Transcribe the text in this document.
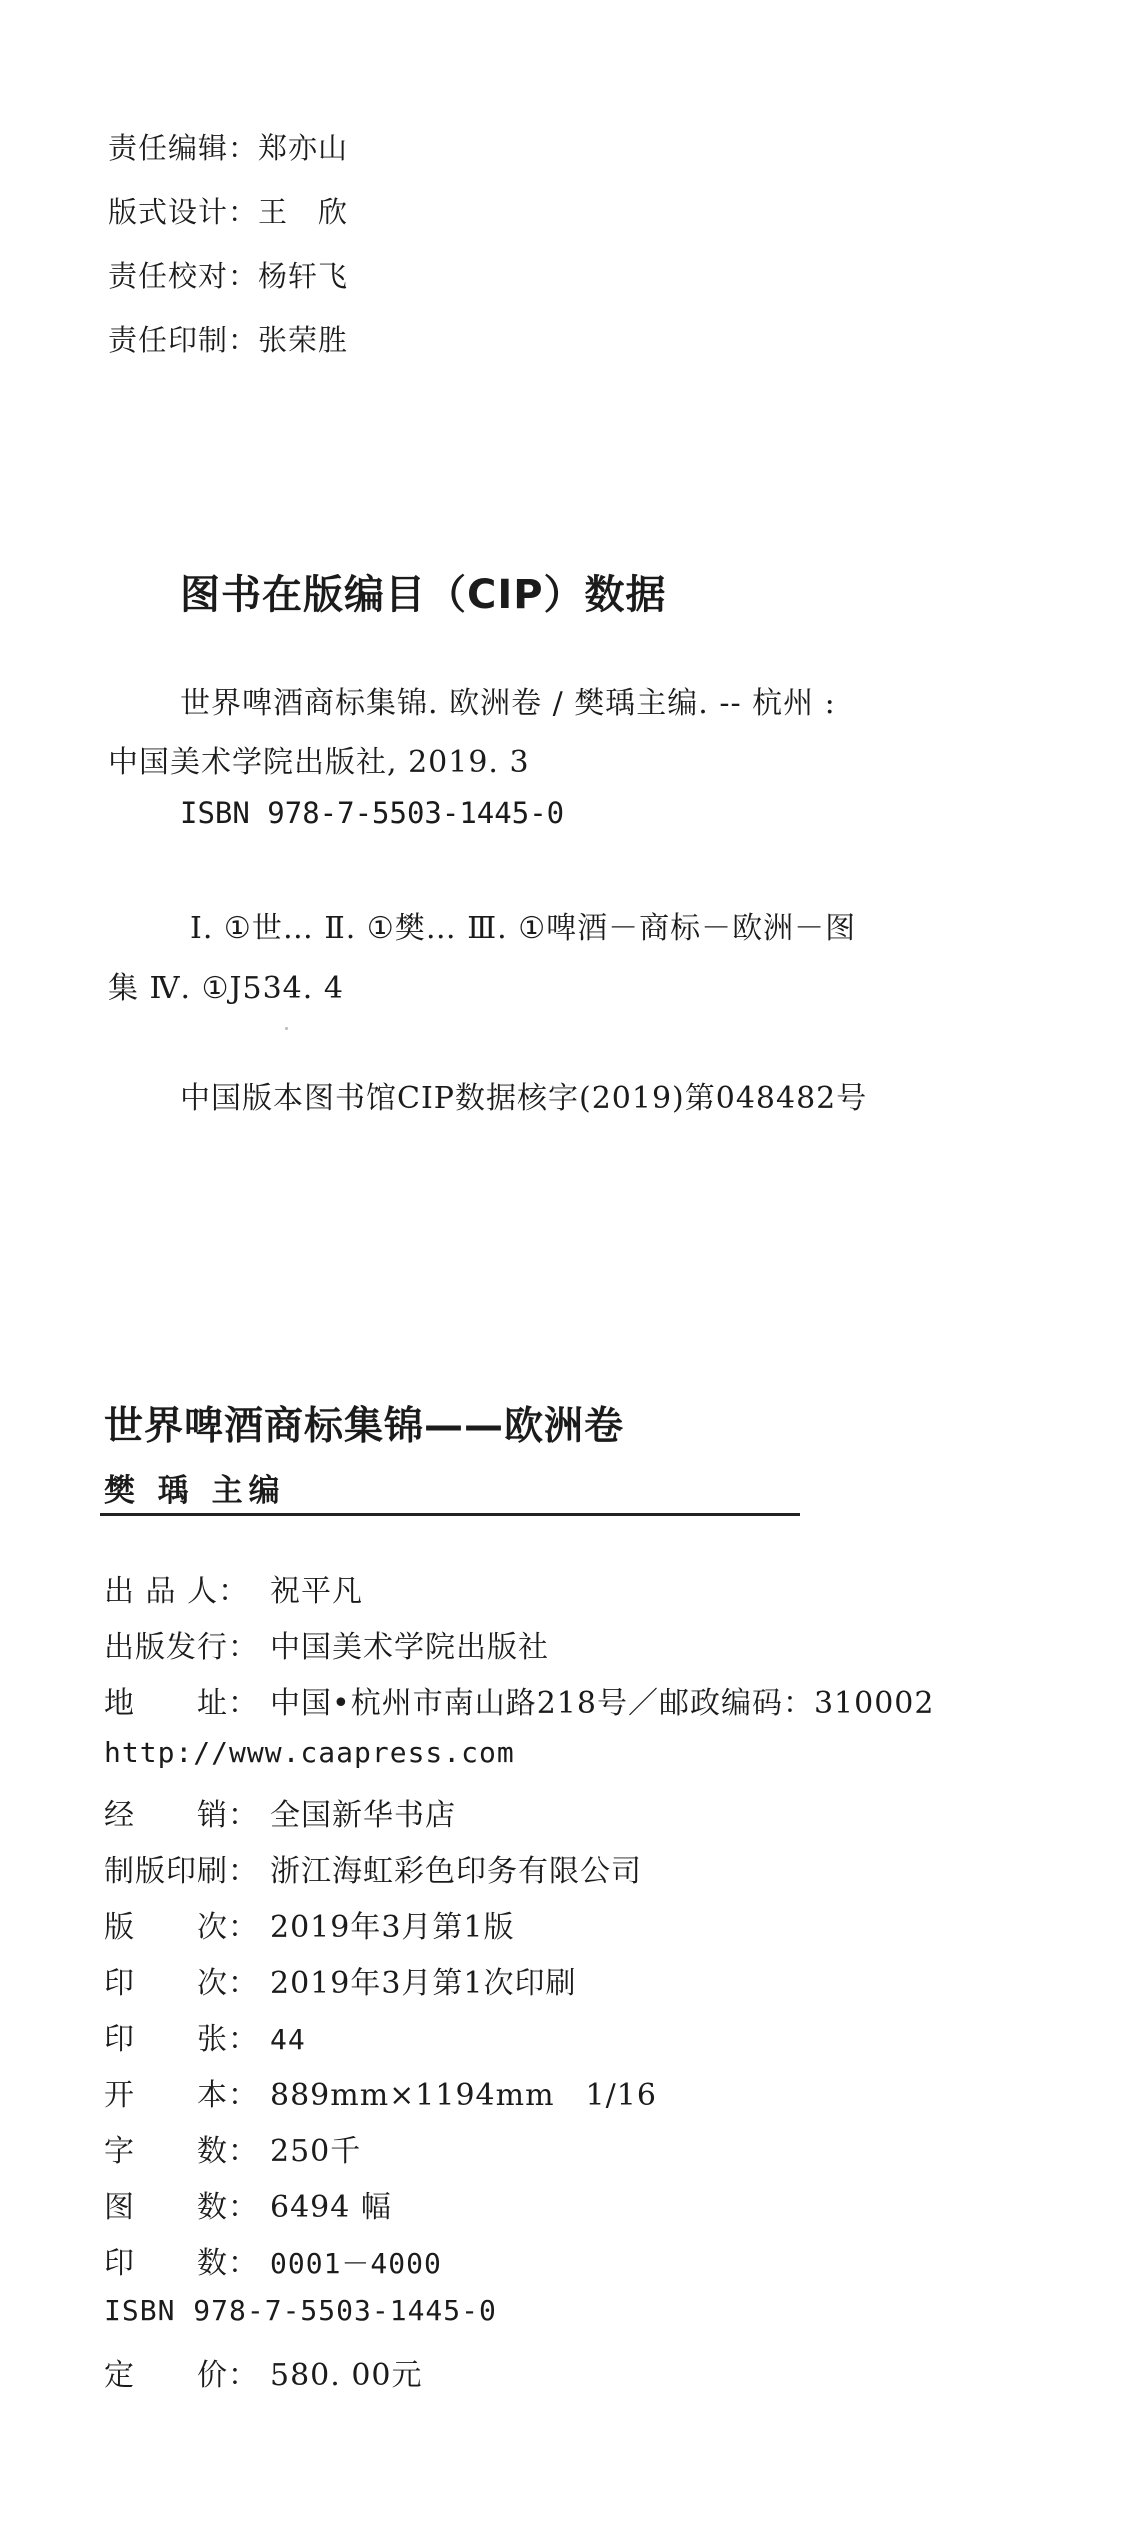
责任编辑：郑亦山
版式设计：王　欣
责任校对：杨轩飞
责任印制：张荣胜
图书在版编目（CIP）数据
世界啤酒商标集锦. 欧洲卷 / 樊瑀主编. -- 杭州 :
中国美术学院出版社, 2019. 3
ISBN 978-7-5503-1445-0
Ⅰ. ①世… Ⅱ. ①樊… Ⅲ. ①啤酒－商标－欧洲－图
集 Ⅳ. ①J534. 4
中国版本图书馆CIP数据核字(2019)第048482号
世界啤酒商标集锦——欧洲卷
樊 瑀 主编
出 品 人： 祝平凡
出版发行： 中国美术学院出版社
地　　址： 中国•杭州市南山路218号／邮政编码：310002
http://www.caapress.com
经　　销： 全国新华书店
制版印刷： 浙江海虹彩色印务有限公司
版　　次： 2019年3月第1版
印　　次： 2019年3月第1次印刷
印　　张： 44
开　　本： 889mm×1194mm　1/16
字　　数： 250千
图　　数： 6494 幅
印　　数： 0001－4000
ISBN 978-7-5503-1445-0
定　　价： 580. 00元
